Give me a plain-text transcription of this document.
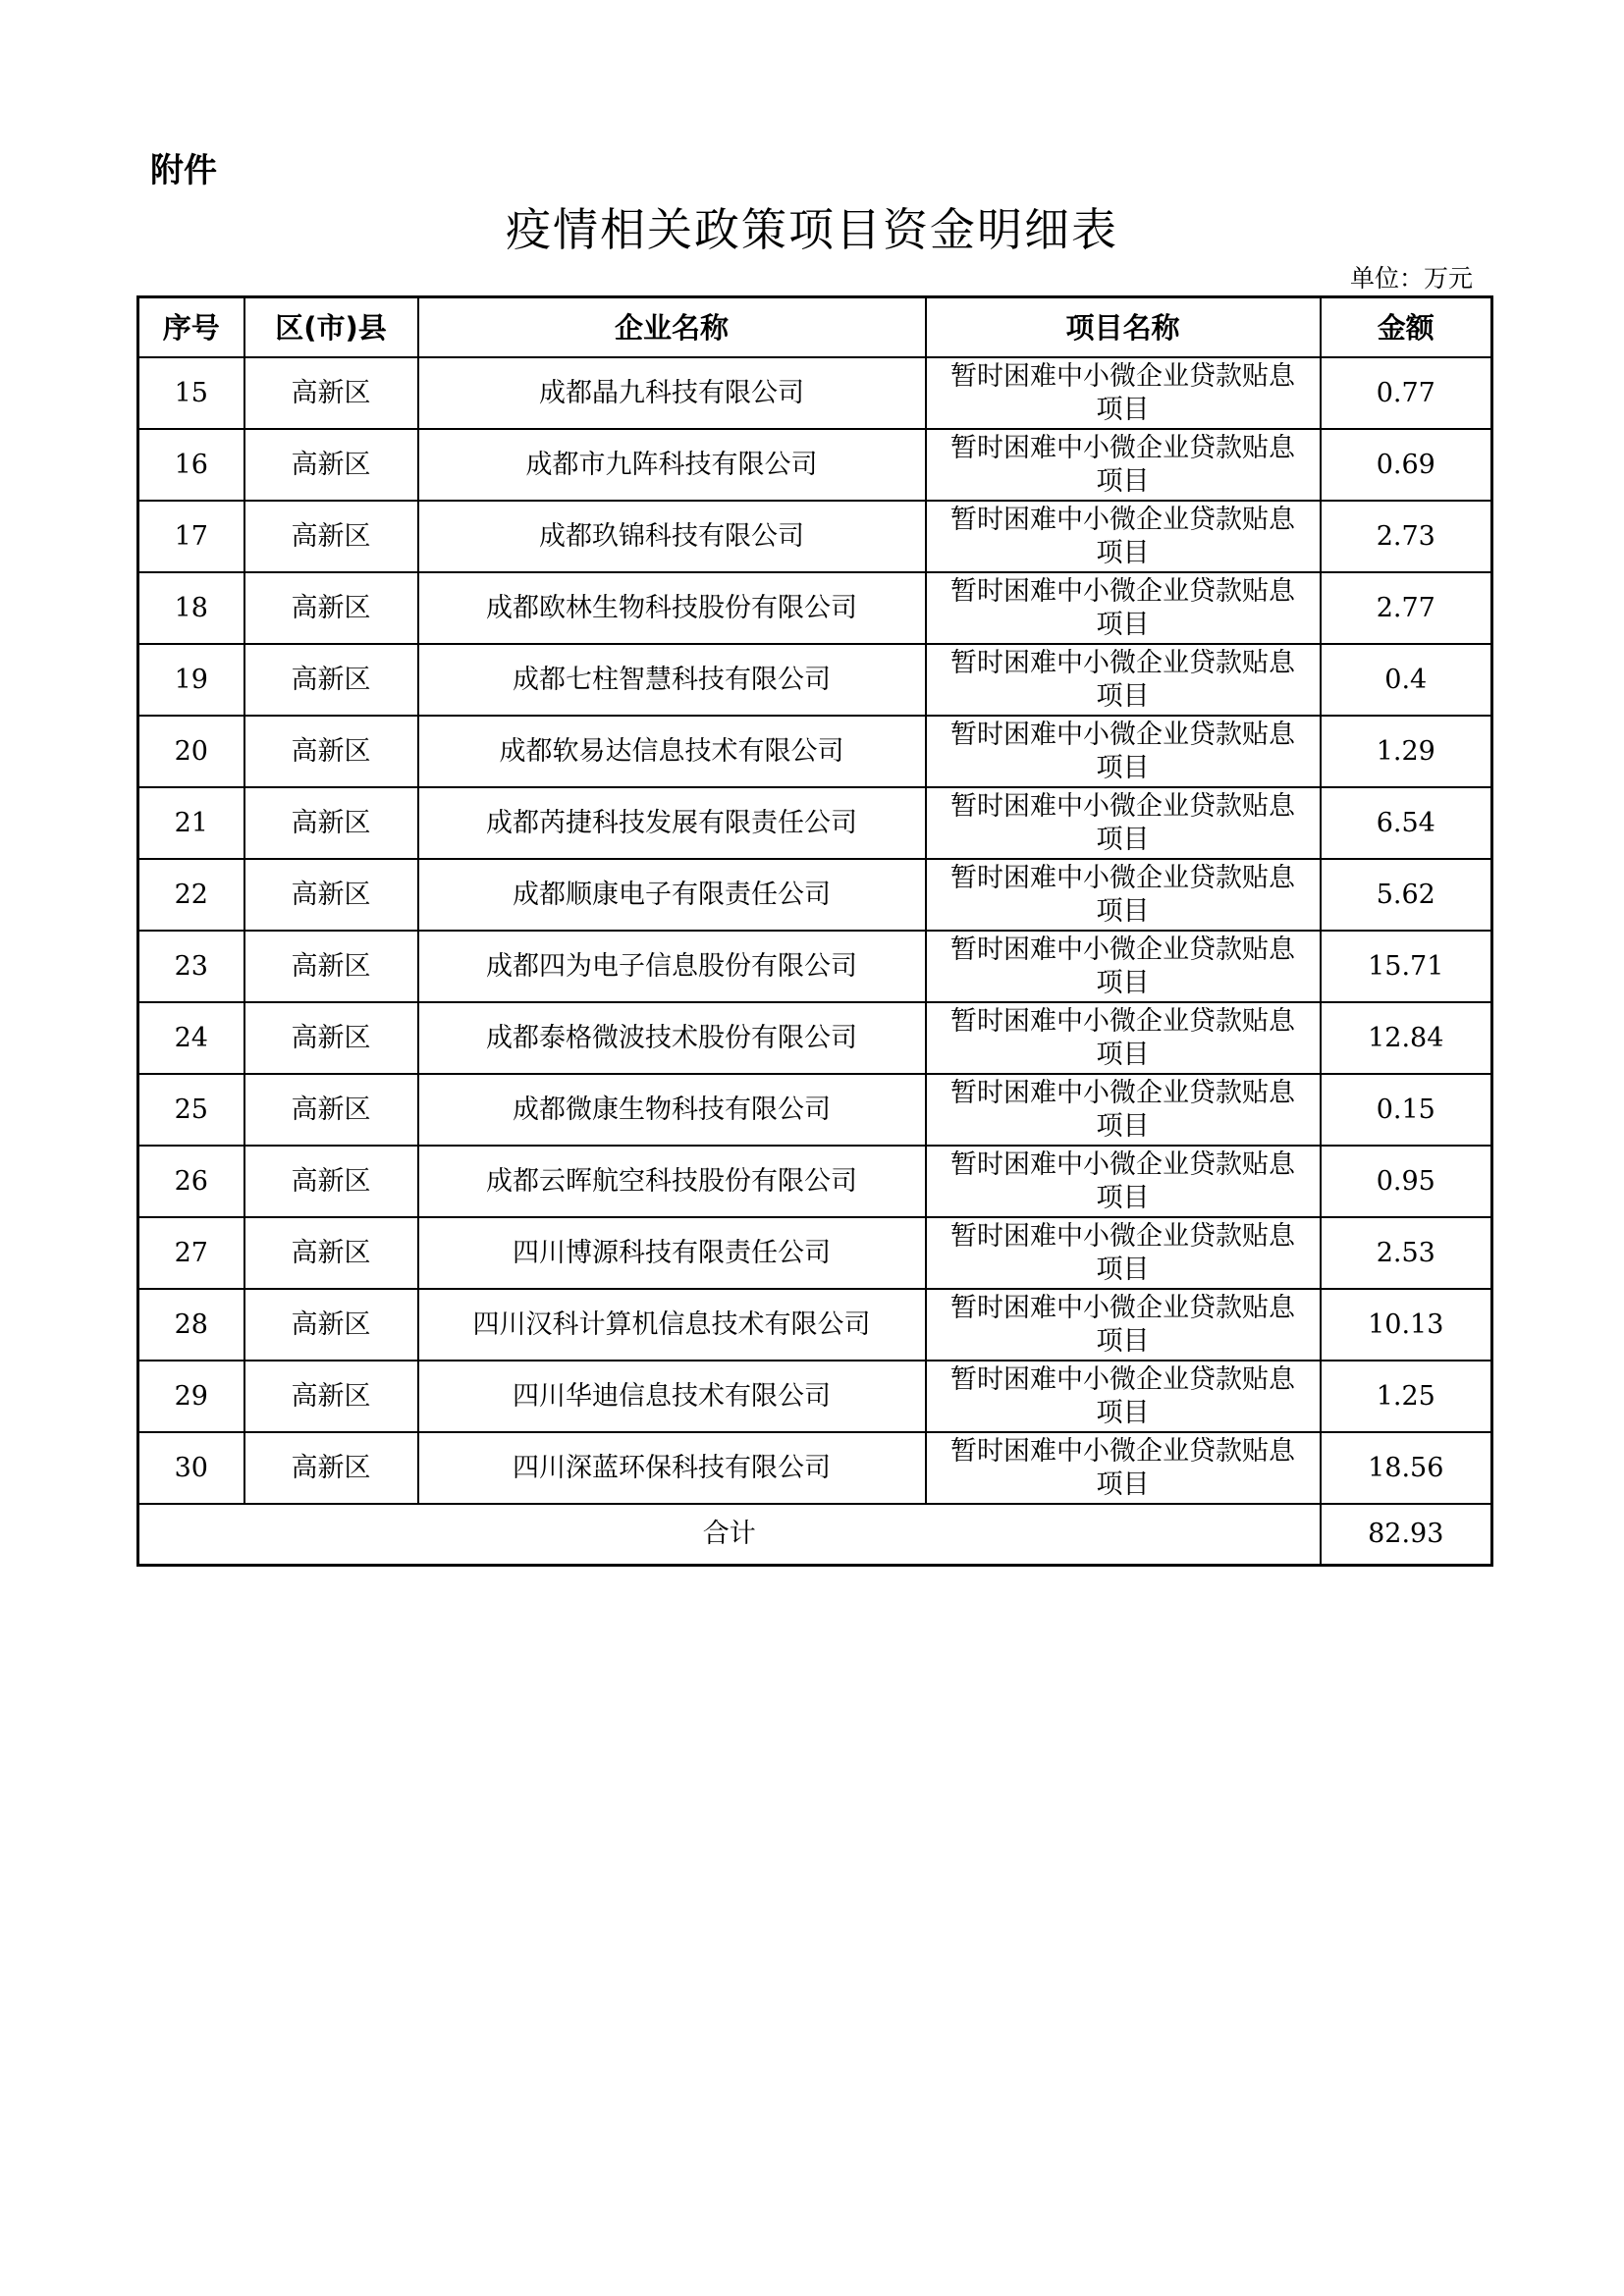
附件
疫情相关政策项目资金明细表
单位：万元
序号	区(市)县	企业名称	项目名称	金额
15	高新区	成都晶九科技有限公司	暂时困难中小微企业贷款贴息项目	0.77
16	高新区	成都市九阵科技有限公司	暂时困难中小微企业贷款贴息项目	0.69
17	高新区	成都玖锦科技有限公司	暂时困难中小微企业贷款贴息项目	2.73
18	高新区	成都欧林生物科技股份有限公司	暂时困难中小微企业贷款贴息项目	2.77
19	高新区	成都七柱智慧科技有限公司	暂时困难中小微企业贷款贴息项目	0.4
20	高新区	成都软易达信息技术有限公司	暂时困难中小微企业贷款贴息项目	1.29
21	高新区	成都芮捷科技发展有限责任公司	暂时困难中小微企业贷款贴息项目	6.54
22	高新区	成都顺康电子有限责任公司	暂时困难中小微企业贷款贴息项目	5.62
23	高新区	成都四为电子信息股份有限公司	暂时困难中小微企业贷款贴息项目	15.71
24	高新区	成都泰格微波技术股份有限公司	暂时困难中小微企业贷款贴息项目	12.84
25	高新区	成都微康生物科技有限公司	暂时困难中小微企业贷款贴息项目	0.15
26	高新区	成都云晖航空科技股份有限公司	暂时困难中小微企业贷款贴息项目	0.95
27	高新区	四川博源科技有限责任公司	暂时困难中小微企业贷款贴息项目	2.53
28	高新区	四川汉科计算机信息技术有限公司	暂时困难中小微企业贷款贴息项目	10.13
29	高新区	四川华迪信息技术有限公司	暂时困难中小微企业贷款贴息项目	1.25
30	高新区	四川深蓝环保科技有限公司	暂时困难中小微企业贷款贴息项目	18.56
合计				82.93
